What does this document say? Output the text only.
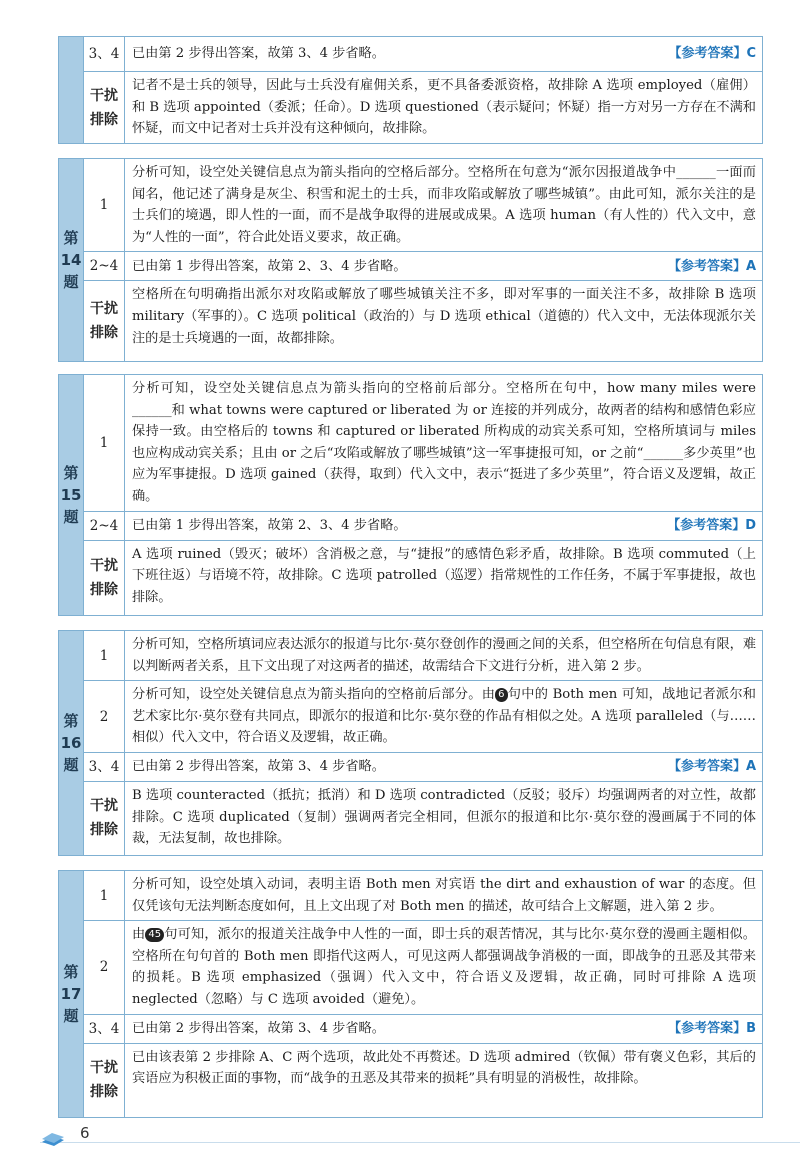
3、4 已由第 2 步得出答案，故第 3、4 步省略。	【参考答案】C
干扰排除
记者不是士兵的领导，因此与士兵没有雇佣关系，更不具备委派资格，故排除 A 选项 employed（雇佣）和 B 选项 appointed（委派；任命）。D 选项 questioned（表示疑问；怀疑）指一方对另一方存在不满和怀疑，而文中记者对士兵并没有这种倾向，故排除。
第
14
题
1
分析可知，设空处关键信息点为箭头指向的空格后部分。空格所在句意为“派尔因报道战争中______一面而闻名，他记述了满身是灰尘、积雪和泥土的士兵，而非攻陷或解放了哪些城镇”。由此可知，派尔关注的是士兵们的境遇，即人性的一面，而不是战争取得的进展或成果。A 选项 human（有人性的）代入文中，意为“人性的一面”，符合此处语义要求，故正确。
2~4	已由第 1 步得出答案，故第 2、3、4 步省略。	【参考答案】A
干扰排除
空格所在句明确指出派尔对攻陷或解放了哪些城镇关注不多，即对军事的一面关注不多，故排除 B 选项 military（军事的）。C 选项 political（政治的）与 D 选项 ethical（道德的）代入文中，无法体现派尔关注的是士兵境遇的一面，故都排除。
第
15
题
1
分析可知，设空处关键信息点为箭头指向的空格前后部分。空格所在句中，how many miles were ______和 what towns were captured or liberated 为 or 连接的并列成分，故两者的结构和感情色彩应保持一致。由空格后的 towns 和 captured or liberated 所构成的动宾关系可知，空格所填词与 miles 也应构成动宾关系；且由 or 之后“攻陷或解放了哪些城镇”这一军事捷报可知，or 之前“______多少英里”也应为军事捷报。D 选项 gained（获得，取到）代入文中，表示“挺进了多少英里”，符合语义及逻辑，故正确。
2~4	已由第 1 步得出答案，故第 2、3、4 步省略。	【参考答案】D
干扰排除
A 选项 ruined（毁灭；破坏）含消极之意，与“捷报”的感情色彩矛盾，故排除。B 选项 commuted（上下班往返）与语境不符，故排除。C 选项 patrolled（巡逻）指常规性的工作任务，不属于军事捷报，故也排除。
第
16
题
1
分析可知，空格所填词应表达派尔的报道与比尔·莫尔登创作的漫画之间的关系，但空格所在句信息有限，难以判断两者关系，且下文出现了对这两者的描述，故需结合下文进行分析，进入第 2 步。
2
分析可知，设空处关键信息点为箭头指向的空格前后部分。由 6 句中的 Both men 可知，战地记者派尔和艺术家比尔·莫尔登有共同点，即派尔的报道和比尔·莫尔登的作品有相似之处。A 选项 paralleled（与……相似）代入文中，符合语义及逻辑，故正确。
3、4 已由第 2 步得出答案，故第 3、4 步省略。	【参考答案】A
干扰排除
B 选项 counteracted（抵抗；抵消）和 D 选项 contradicted（反驳；驳斥）均强调两者的对立性，故都排除。C 选项 duplicated（复制）强调两者完全相同，但派尔的报道和比尔·莫尔登的漫画属于不同的体裁，无法复制，故也排除。
第
17
题
1
分析可知，设空处填入动词，表明主语 Both men 对宾语 the dirt and exhaustion of war 的态度。但仅凭该句无法判断态度如何，且上文出现了对 Both men 的描述，故可结合上文解题，进入第 2 步。
2
由 45 句可知，派尔的报道关注战争中人性的一面，即士兵的艰苦情况，其与比尔·莫尔登的漫画主题相似。空格所在句句首的 Both men 即指代这两人，可见这两人都强调战争消极的一面，即战争的丑恶及其带来的损耗。B 选项 emphasized（强调）代入文中，符合语义及逻辑，故正确，同时可排除 A 选项 neglected（忽略）与 C 选项 avoided（避免）。
3、4 已由第 2 步得出答案，故第 3、4 步省略。	【参考答案】B
干扰排除
已由该表第 2 步排除 A、C 两个选项，故此处不再赘述。D 选项 admired（钦佩）带有褒义色彩，其后的宾语应为积极正面的事物，而“战争的丑恶及其带来的损耗”具有明显的消极性，故排除。
6
